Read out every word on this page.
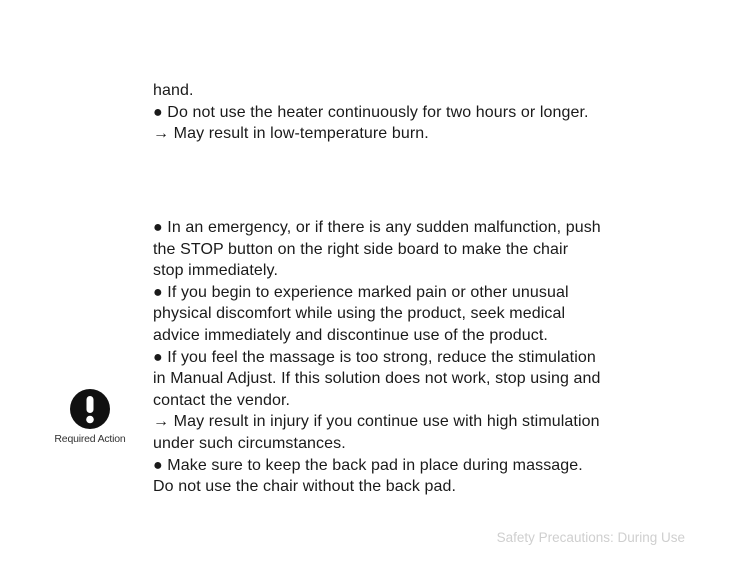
hand.
● Do not use the heater continuously for two hours or longer.
→ May result in low-temperature burn.
● In an emergency, or if there is any sudden malfunction, push
the STOP button on the right side board to make the chair
stop immediately.
● If you begin to experience marked pain or other unusual
physical discomfort while using the product, seek medical
advice immediately and discontinue use of the product.
● If you feel the massage is too strong, reduce the stimulation
in Manual Adjust. If this solution does not work, stop using and
contact the vendor.
→ May result in injury if you continue use with high stimulation
under such circumstances.
● Make sure to keep the back pad in place during massage.
Do not use the chair without the back pad.
Required Action
Safety Precautions: During Use
